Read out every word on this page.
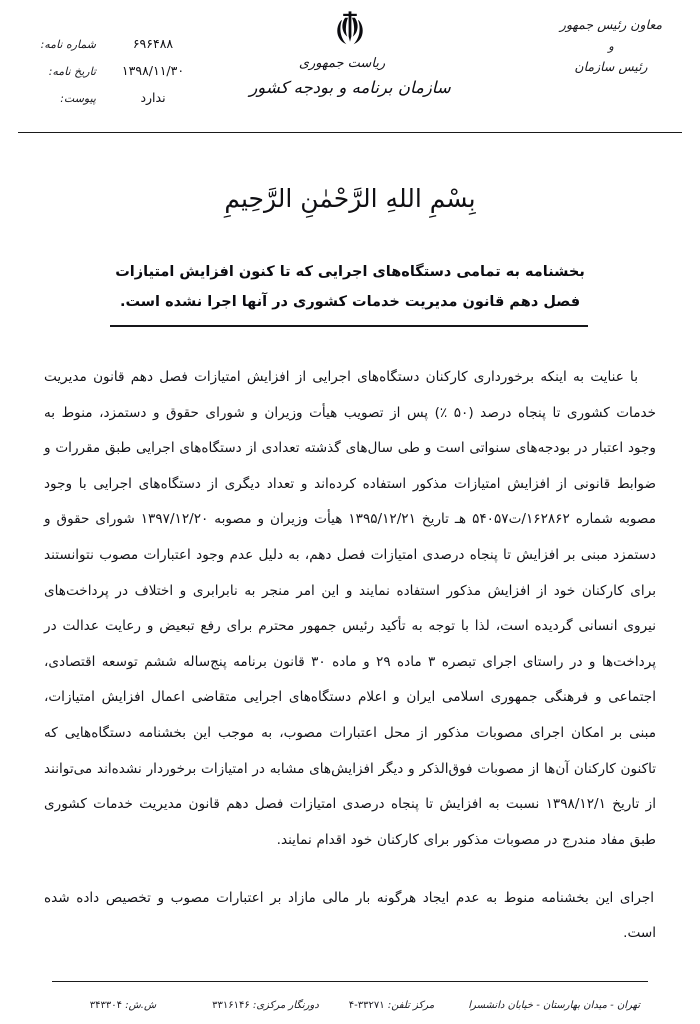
معاون رئیس جمهور
و
رئیس سازمان
ریاست جمهوری
سازمان برنامه و بودجه کشور
شماره نامه:	۶۹۶۴۸۸
تاریخ نامه:	۱۳۹۸/۱۱/۳۰
پیوست:	ندارد
بِسْمِ اللهِ الرَّحْمٰنِ الرَّحِيمِ
بخشنامه به تمامی دستگاه‌های اجرایی که تا کنون افزایش امتیازات
فصل دهم قانون مدیریت خدمات کشوری در آنها اجرا نشده است.

با عنایت به اینکه برخورداری کارکنان دستگاه‌های اجرایی از افزایش امتیازات فصل دهم قانون مدیریت خدمات کشوری تا پنجاه درصد (۵۰ ٪) پس از تصویب هیأت وزیران و شورای حقوق و دستمزد، منوط به وجود اعتبار در بودجه‌های سنواتی است و طی سال‌های گذشته تعدادی از دستگاه‌های اجرایی طبق مقررات و ضوابط قانونی از افزایش امتیازات مذکور استفاده کرده‌اند و تعداد دیگری از دستگاه‌های اجرایی با وجود مصوبه شماره ۱۶۲۸۶۲/ت۵۴۰۵۷ هـ تاریخ ۱۳۹۵/۱۲/۲۱ هیأت وزیران و مصوبه ۱۳۹۷/۱۲/۲۰ شورای حقوق و دستمزد مبنی بر افزایش تا پنجاه درصدی امتیازات فصل دهم، به دلیل عدم وجود اعتبارات مصوب نتوانستند برای کارکنان خود از افزایش مذکور استفاده نمایند و این امر منجر به نابرابری و اختلاف در پرداخت‌های نیروی انسانی گردیده است، لذا با توجه به تأکید رئیس جمهور محترم برای رفع تبعیض و رعایت عدالت در پرداخت‌ها و در راستای اجرای تبصره ۳ ماده ۲۹ و ماده ۳۰ قانون برنامه پنج‌ساله ششم توسعه اقتصادی، اجتماعی و فرهنگی جمهوری اسلامی ایران و اعلام دستگاه‌های اجرایی متقاضی اعمال افزایش امتیازات، مبنی بر امکان اجرای مصوبات مذکور از محل اعتبارات مصوب، به موجب این بخشنامه دستگاه‌هایی که تاکنون کارکنان آن‌ها از مصوبات فوق‌الذکر و دیگر افزایش‌های مشابه در امتیازات برخوردار نشده‌اند می‌توانند از تاریخ ۱۳۹۸/۱۲/۱ نسبت به افزایش تا پنجاه درصدی امتیازات فصل دهم قانون مدیریت خدمات کشوری طبق مفاد مندرج در مصوبات مذکور برای کارکنان خود اقدام نمایند.

اجرای این بخشنامه منوط به عدم ایجاد هرگونه بار مالی مازاد بر اعتبارات مصوب و تخصیص داده شده است.

تهران - میدان بهارستان - خیابان دانشسرا
مرکز تلفن: ۳۳۲۷۱-۴
دورنگار مرکزی: ۳۳۱۶۱۴۶
ش.ش: ۳۴۳۳۰۴
